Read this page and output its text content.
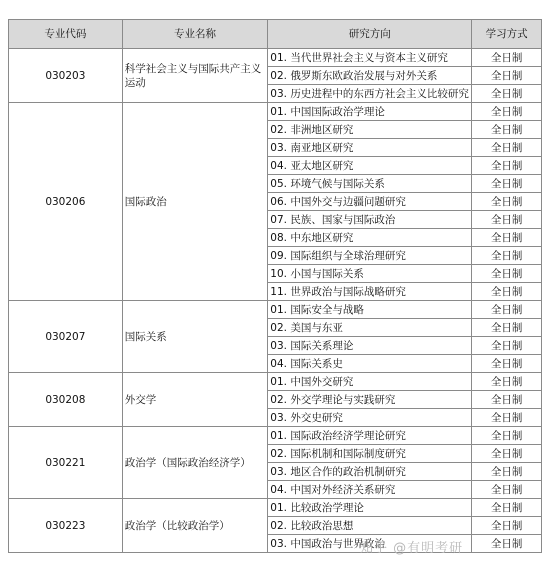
专业代码	专业名称	研究方向	学习方式
030203	科学社会主义与国际共产主义运动	01. 当代世界社会主义与资本主义研究	全日制
		02. 俄罗斯东欧政治发展与对外关系	全日制
		03. 历史进程中的东西方社会主义比较研究	全日制
030206	国际政治	01. 中国国际政治学理论	全日制
		02. 非洲地区研究	全日制
		03. 南亚地区研究	全日制
		04. 亚太地区研究	全日制
		05. 环境气候与国际关系	全日制
		06. 中国外交与边疆问题研究	全日制
		07. 民族、国家与国际政治	全日制
		08. 中东地区研究	全日制
		09. 国际组织与全球治理研究	全日制
		10. 小国与国际关系	全日制
		11. 世界政治与国际战略研究	全日制
030207	国际关系	01. 国际安全与战略	全日制
		02. 美国与东亚	全日制
		03. 国际关系理论	全日制
		04. 国际关系史	全日制
030208	外交学	01. 中国外交研究	全日制
		02. 外交学理论与实践研究	全日制
		03. 外交史研究	全日制
030221	政治学（国际政治经济学）	01. 国际政治经济学理论研究	全日制
		02. 国际机制和国际制度研究	全日制
		03. 地区合作的政治机制研究	全日制
		04. 中国对外经济关系研究	全日制
030223	政治学（比较政治学）	01. 比较政治学理论	全日制
		02. 比较政治思想	全日制
		03. 中国政治与世界政治	全日制
知乎 @有明考研
